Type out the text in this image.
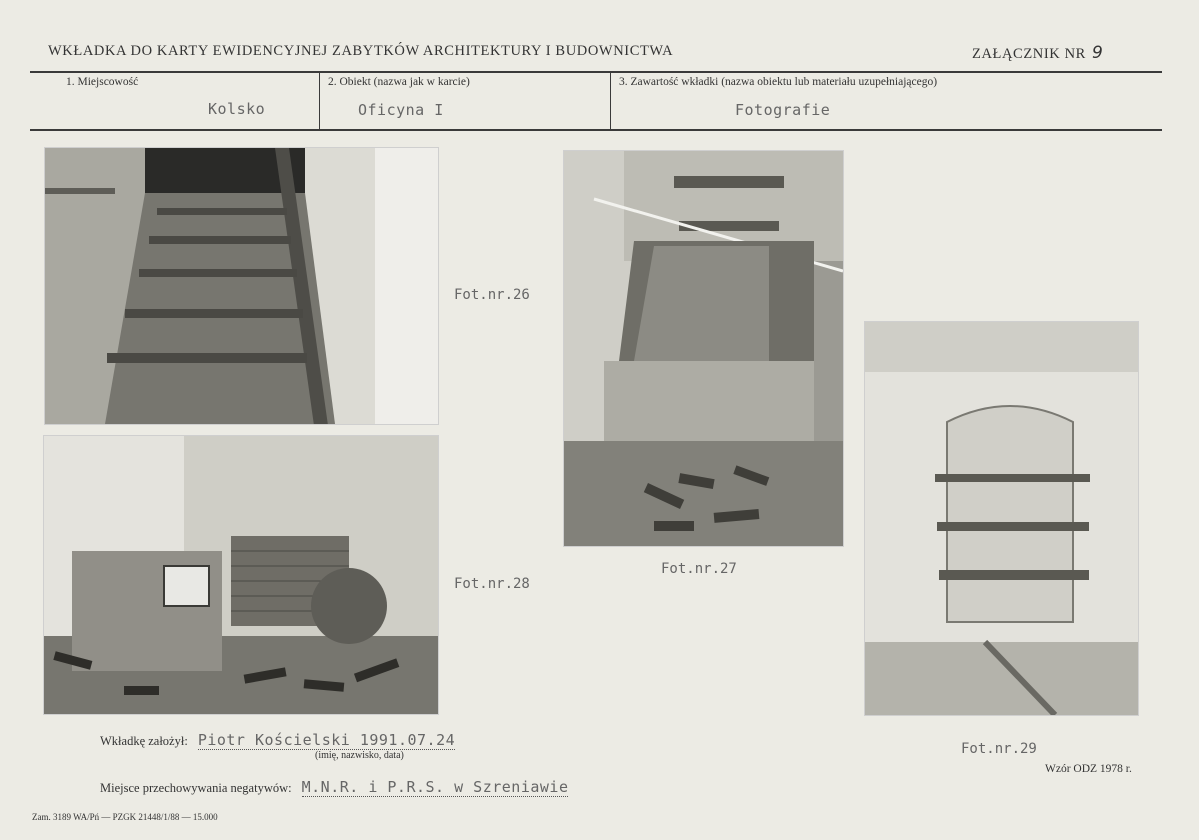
WKŁADKA DO KARTY EWIDENCYJNEJ ZABYTKÓW ARCHITEKTURY I BUDOWNICTWA	ZAŁĄCZNIK NR 9
1. Miejscowość
Kolsko
2. Obiekt (nazwa jak w karcie)
Oficyna I
3. Zawartość wkładki (nazwa obiektu lub materiału uzupełniającego)
Fotografie
Fot.nr.26
Fot.nr.27
Fot.nr.28
Fot.nr.29
Wkładkę założył: Piotr Kościelski 1991.07.24
(imię, nazwisko, data)
Miejsce przechowywania negatywów: M.N.R. i P.R.S. w Szreniawie
Wzór ODZ 1978 r.
Zam. 3189 WA/Pń — PZGK 21448/1/88 — 15.000
